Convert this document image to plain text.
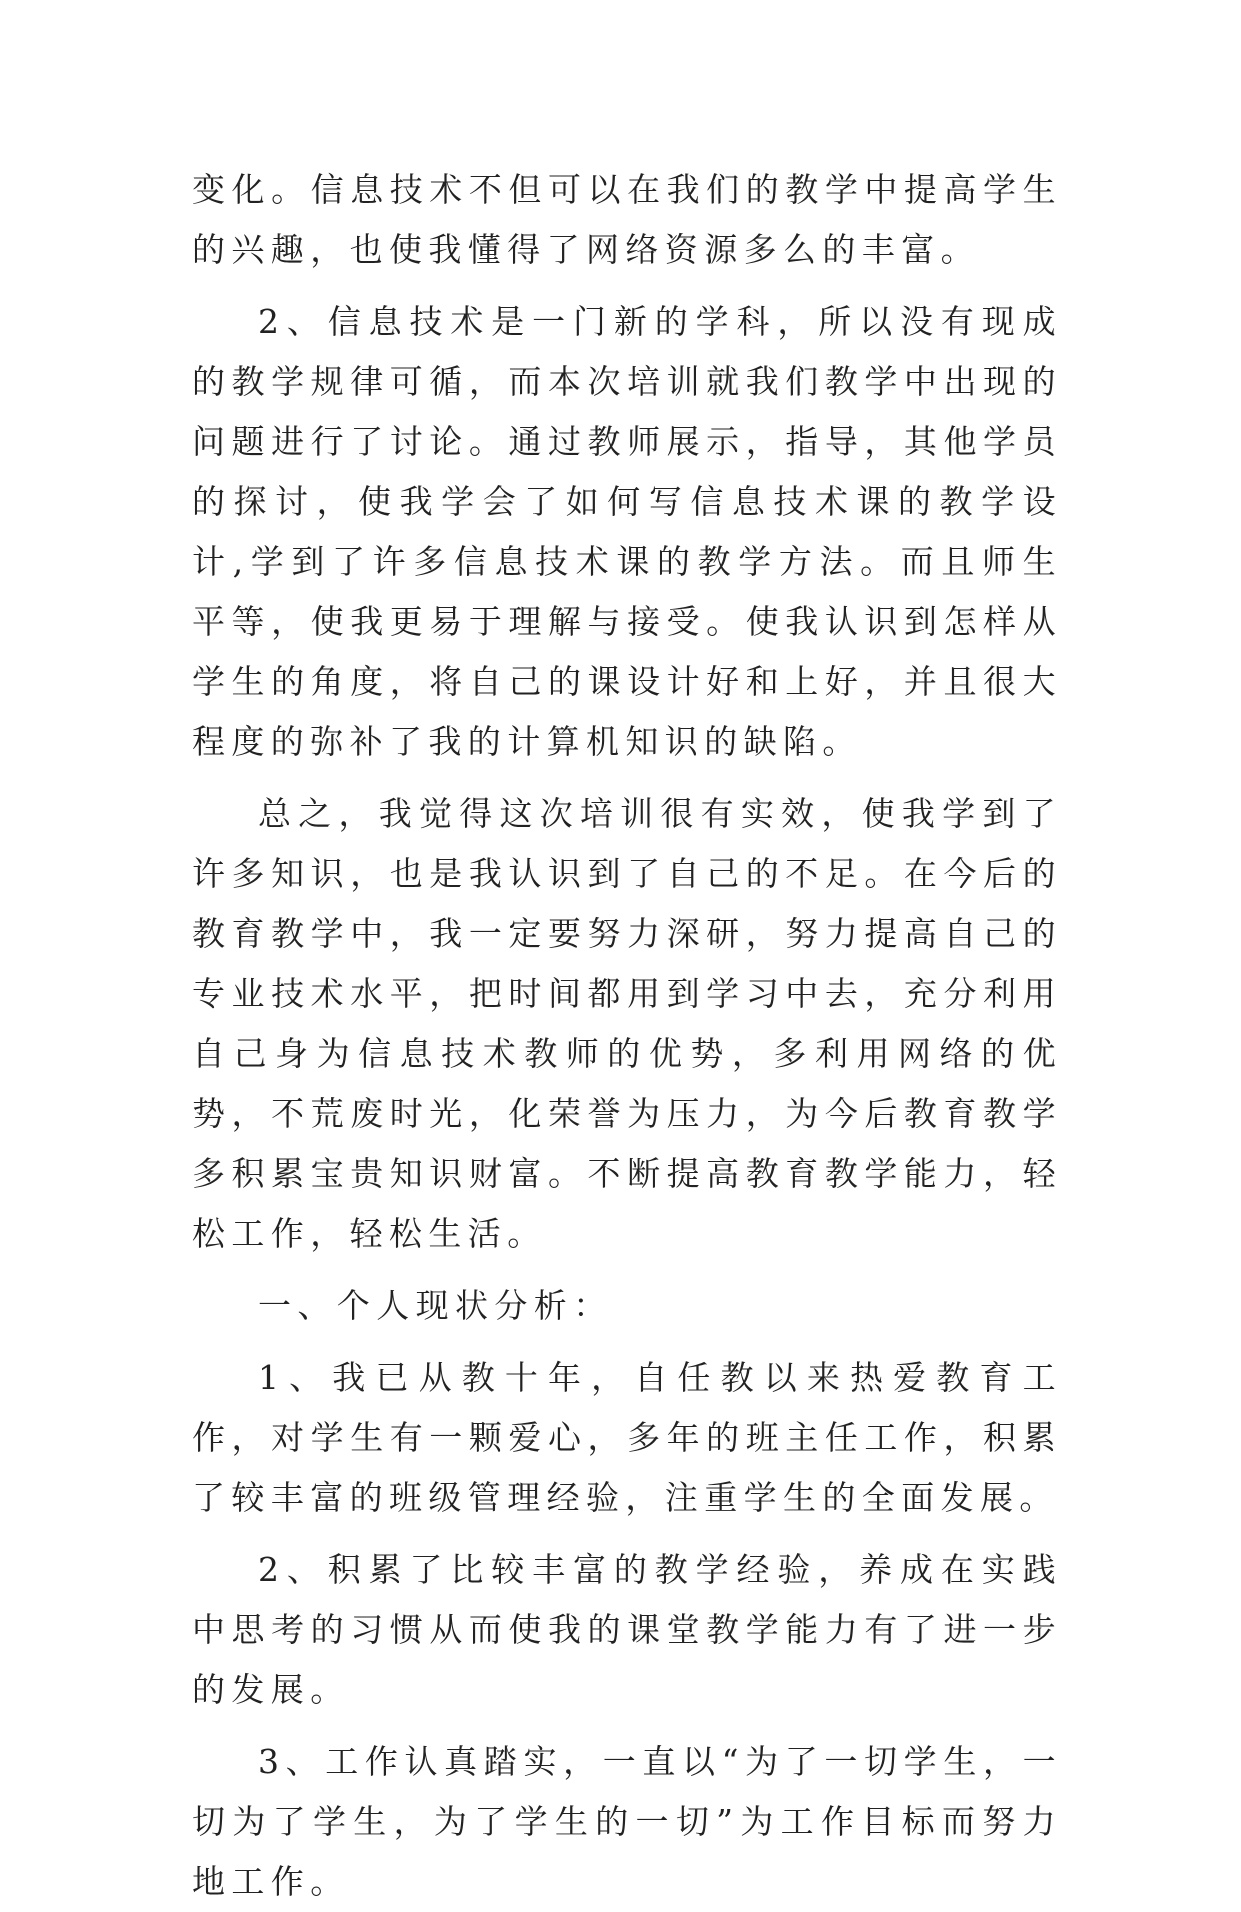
变化。信息技术不但可以在我们的教学中提高学生的兴趣，也使我懂得了网络资源多么的丰富。

2、信息技术是一门新的学科，所以没有现成的教学规律可循，而本次培训就我们教学中出现的问题进行了讨论。通过教师展示，指导，其他学员的探讨，使我学会了如何写信息技术课的教学设计,学到了许多信息技术课的教学方法。而且师生平等，使我更易于理解与接受。使我认识到怎样从学生的角度，将自己的课设计好和上好，并且很大程度的弥补了我的计算机知识的缺陷。

总之，我觉得这次培训很有实效，使我学到了许多知识，也是我认识到了自己的不足。在今后的教育教学中，我一定要努力深研，努力提高自己的专业技术水平，把时间都用到学习中去，充分利用自己身为信息技术教师的优势，多利用网络的优势，不荒废时光，化荣誉为压力，为今后教育教学多积累宝贵知识财富。不断提高教育教学能力，轻松工作，轻松生活。

一、个人现状分析：

1、我已从教十年，自任教以来热爱教育工作，对学生有一颗爱心，多年的班主任工作，积累了较丰富的班级管理经验，注重学生的全面发展。

2、积累了比较丰富的教学经验，养成在实践中思考的习惯从而使我的课堂教学能力有了进一步的发展。

3、工作认真踏实，一直以“为了一切学生，一切为了学生，为了学生的一切”为工作目标而努力地工作。
